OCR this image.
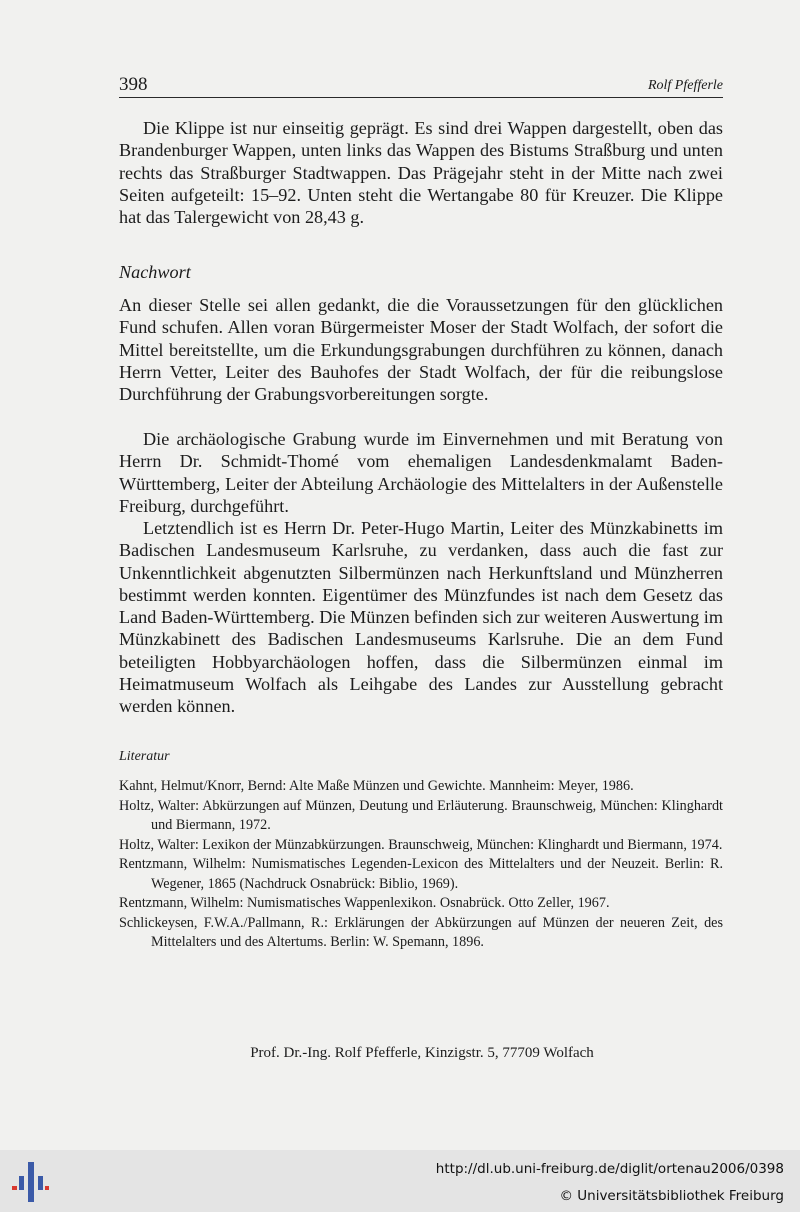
398	Rolf Pfefferle

Die Klippe ist nur einseitig geprägt. Es sind drei Wappen dargestellt, oben das Brandenburger Wappen, unten links das Wappen des Bistums Straßburg und unten rechts das Straßburger Stadtwappen. Das Prägejahr steht in der Mitte nach zwei Seiten aufgeteilt: 15–92. Unten steht die Wertangabe 80 für Kreuzer. Die Klippe hat das Talergewicht von 28,43 g.

Nachwort

An dieser Stelle sei allen gedankt, die die Voraussetzungen für den glücklichen Fund schufen. Allen voran Bürgermeister Moser der Stadt Wolfach, der sofort die Mittel bereitstellte, um die Erkundungsgrabungen durchführen zu können, danach Herrn Vetter, Leiter des Bauhofes der Stadt Wolfach, der für die reibungslose Durchführung der Grabungsvorbereitungen sorgte.

Die archäologische Grabung wurde im Einvernehmen und mit Beratung von Herrn Dr. Schmidt-Thomé vom ehemaligen Landesdenkmalamt Baden-Württemberg, Leiter der Abteilung Archäologie des Mittelalters in der Außenstelle Freiburg, durchgeführt.

Letztendlich ist es Herrn Dr. Peter-Hugo Martin, Leiter des Münzkabinetts im Badischen Landesmuseum Karlsruhe, zu verdanken, dass auch die fast zur Unkenntlichkeit abgenutzten Silbermünzen nach Herkunftsland und Münzherren bestimmt werden konnten. Eigentümer des Münzfundes ist nach dem Gesetz das Land Baden-Württemberg. Die Münzen befinden sich zur weiteren Auswertung im Münzkabinett des Badischen Landesmuseums Karlsruhe. Die an dem Fund beteiligten Hobbyarchäologen hoffen, dass die Silbermünzen einmal im Heimatmuseum Wolfach als Leihgabe des Landes zur Ausstellung gebracht werden können.

Literatur
Kahnt, Helmut/Knorr, Bernd: Alte Maße Münzen und Gewichte. Mannheim: Meyer, 1986.
Holtz, Walter: Abkürzungen auf Münzen, Deutung und Erläuterung. Braunschweig, München: Klinghardt und Biermann, 1972.
Holtz, Walter: Lexikon der Münzabkürzungen. Braunschweig, München: Klinghardt und Biermann, 1974.
Rentzmann, Wilhelm: Numismatisches Legenden-Lexicon des Mittelalters und der Neuzeit. Berlin: R. Wegener, 1865 (Nachdruck Osnabrück: Biblio, 1969).
Rentzmann, Wilhelm: Numismatisches Wappenlexikon. Osnabrück. Otto Zeller, 1967.
Schlickeysen, F.W.A./Pallmann, R.: Erklärungen der Abkürzungen auf Münzen der neueren Zeit, des Mittelalters und des Altertums. Berlin: W. Spemann, 1896.
Prof. Dr.-Ing. Rolf Pfefferle, Kinzigstr. 5, 77709 Wolfach
http://dl.ub.uni-freiburg.de/diglit/ortenau2006/0398
© Universitätsbibliothek Freiburg
